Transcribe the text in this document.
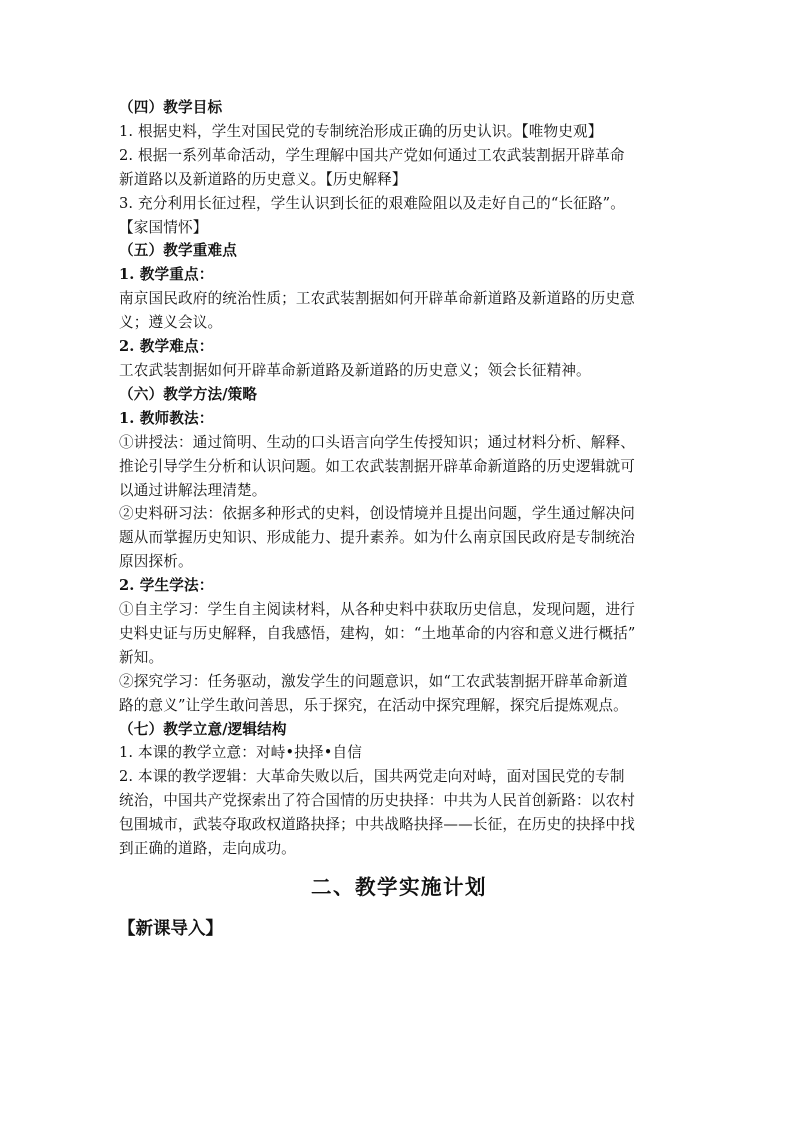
（四）教学目标

1. 根据史料，学生对国民党的专制统治形成正确的历史认识。【唯物史观】

2. 根据一系列革命活动，学生理解中国共产党如何通过工农武装割据开辟革命

新道路以及新道路的历史意义。【历史解释】

3. 充分利用长征过程，学生认识到长征的艰难险阻以及走好自己的“长征路”。

【家国情怀】

（五）教学重难点

1. 教学重点：

南京国民政府的统治性质；工农武装割据如何开辟革命新道路及新道路的历史意

义；遵义会议。

2. 教学难点：

工农武装割据如何开辟革命新道路及新道路的历史意义；领会长征精神。

（六）教学方法/策略

1. 教师教法：

①讲授法：通过简明、生动的口头语言向学生传授知识；通过材料分析、解释、

推论引导学生分析和认识问题。如工农武装割据开辟革命新道路的历史逻辑就可

以通过讲解法理清楚。

②史料研习法：依据多种形式的史料，创设情境并且提出问题，学生通过解决问

题从而掌握历史知识、形成能力、提升素养。如为什么南京国民政府是专制统治

原因探析。

2. 学生学法：

①自主学习：学生自主阅读材料，从各种史料中获取历史信息，发现问题，进行

史料史证与历史解释，自我感悟，建构，如：“土地革命的内容和意义进行概括”

新知。

②探究学习：任务驱动，激发学生的问题意识，如“工农武装割据开辟革命新道

路的意义”让学生敢问善思，乐于探究，在活动中探究理解，探究后提炼观点。

（七）教学立意/逻辑结构

1. 本课的教学立意：对峙•抉择•自信

2. 本课的教学逻辑：大革命失败以后，国共两党走向对峙，面对国民党的专制

统治，中国共产党探索出了符合国情的历史抉择：中共为人民首创新路：以农村

包围城市，武装夺取政权道路抉择；中共战略抉择——长征，在历史的抉择中找

到正确的道路，走向成功。

二、教学实施计划
【新课导入】
